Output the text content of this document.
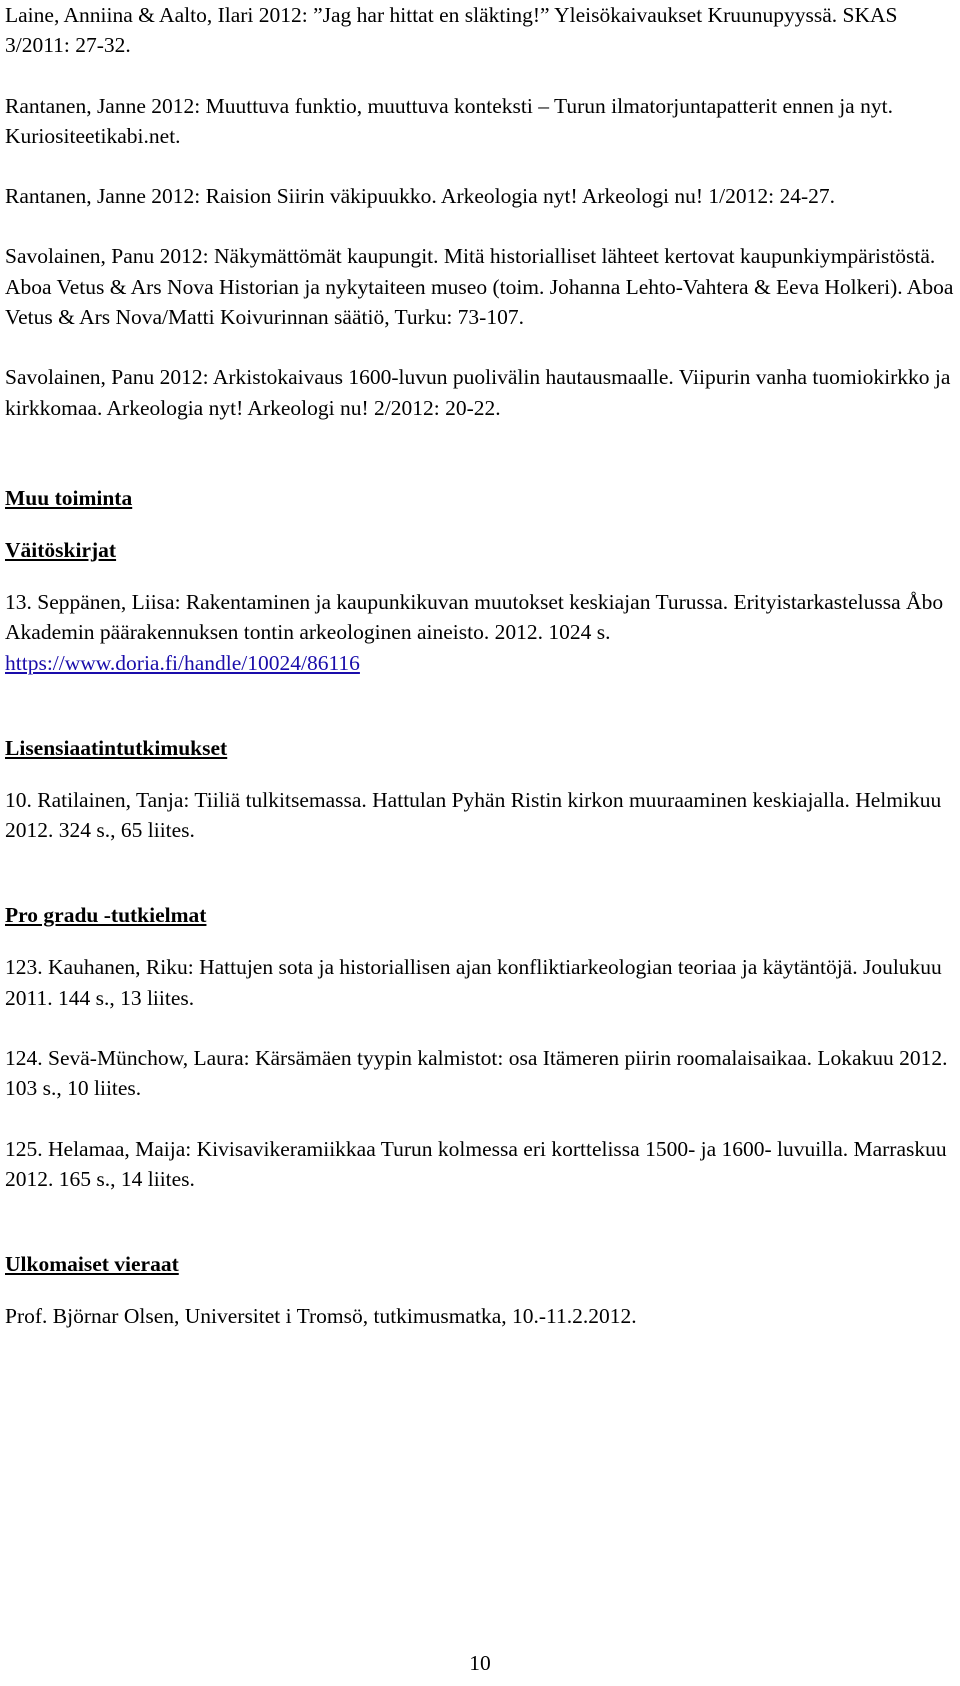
Laine, Anniina & Aalto, Ilari 2012: ”Jag har hittat en släkting!” Yleisökaivaukset Kruunupyyssä. SKAS 3/2011: 27-32.

Rantanen, Janne 2012: Muuttuva funktio, muuttuva konteksti – Turun ilmatorjuntapatterit ennen ja nyt. Kuriositeetikabi.net.

Rantanen, Janne 2012: Raision Siirin väkipuukko. Arkeologia nyt! Arkeologi nu! 1/2012: 24-27.

Savolainen, Panu 2012: Näkymättömät kaupungit. Mitä historialliset lähteet kertovat kaupunkiympäristöstä. Aboa Vetus & Ars Nova Historian ja nykytaiteen museo (toim. Johanna Lehto-Vahtera & Eeva Holkeri). Aboa Vetus & Ars Nova/Matti Koivurinnan säätiö, Turku: 73-107.

Savolainen, Panu 2012: Arkistokaivaus 1600-luvun puolivälin hautausmaalle. Viipurin vanha tuomiokirkko ja kirkkomaa. Arkeologia nyt! Arkeologi nu! 2/2012: 20-22.

Muu toiminta
Väitöskirjat

13. Seppänen, Liisa: Rakentaminen ja kaupunkikuvan muutokset keskiajan Turussa. Erityistarkastelussa Åbo Akademin päärakennuksen tontin arkeologinen aineisto. 2012. 1024 s. https://www.doria.fi/handle/10024/86116

Lisensiaatintutkimukset

10. Ratilainen, Tanja: Tiiliä tulkitsemassa. Hattulan Pyhän Ristin kirkon muuraaminen keskiajalla. Helmikuu 2012. 324 s., 65 liites.

Pro gradu -tutkielmat

123. Kauhanen, Riku: Hattujen sota ja historiallisen ajan konfliktiarkeologian teoriaa ja käytäntöjä. Joulukuu 2011. 144 s., 13 liites.

124. Sevä-Münchow, Laura: Kärsämäen tyypin kalmistot: osa Itämeren piirin roomalaisaikaa. Lokakuu 2012. 103 s., 10 liites.

125. Helamaa, Maija: Kivisavikeramiikkaa Turun kolmessa eri korttelissa 1500- ja 1600- luvuilla. Marraskuu 2012. 165 s., 14 liites.

Ulkomaiset vieraat

Prof. Björnar Olsen, Universitet i Tromsö, tutkimusmatka, 10.-11.2.2012.

10
